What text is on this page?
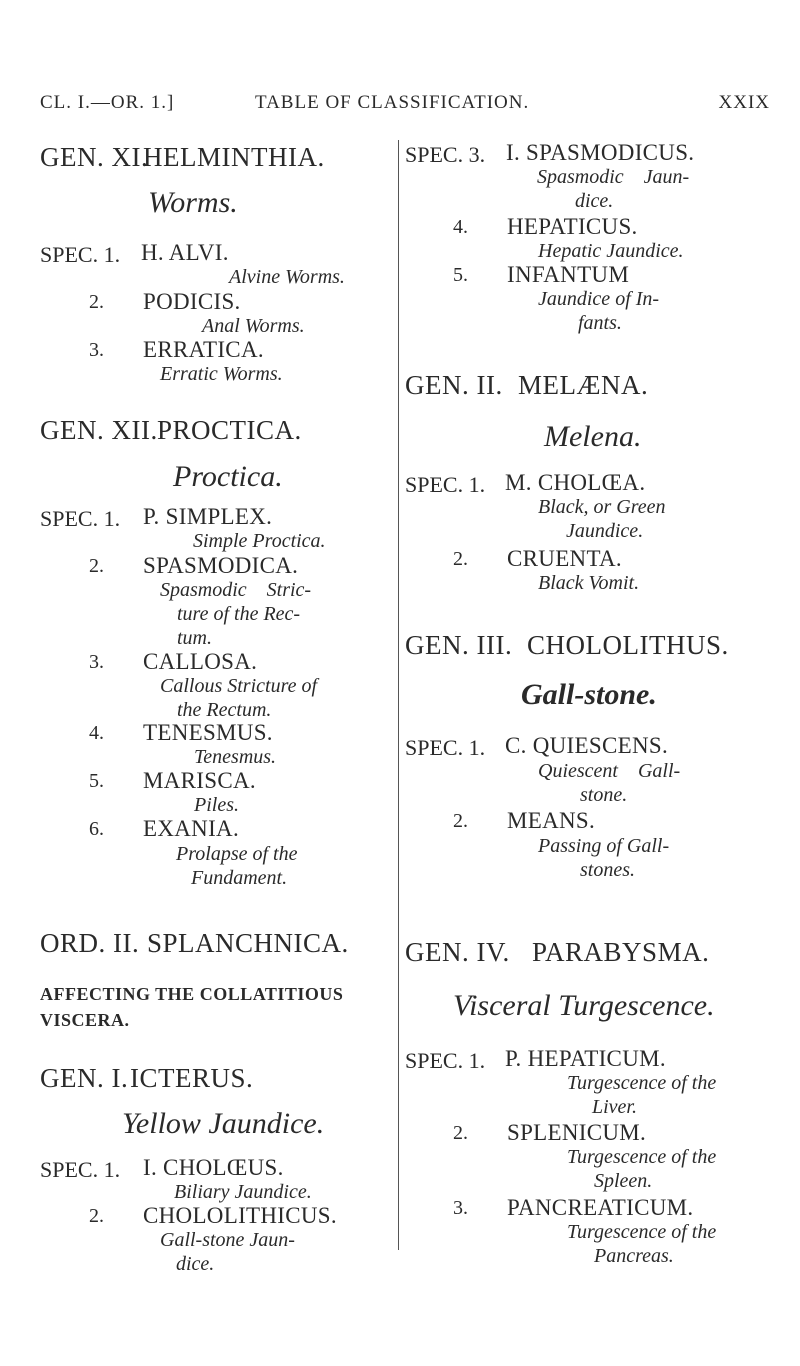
CL. I.—OR. 1.]	TABLE OF CLASSIFICATION.	XXIX
GEN. XI.
HELMINTHIA.
Worms.
SPEC. 1. H. ALVI.
Alvine Worms.
2. PODICIS.
Anal Worms.
3. ERRATICA.
Erratic Worms.
GEN. XII. PROCTICA.
Proctica.
SPEC. 1. P. SIMPLEX.
Simple Proctica.
2. SPASMODICA.
Spasmodic    Stric-
ture of the Rec-
tum.
3. CALLOSA.
Callous Stricture of
the Rectum.
4. TENESMUS.
Tenesmus.
5. MARISCA.
Piles.
6. EXANIA.
Prolapse of the
Fundament.
ORD. II. SPLANCHNICA.
AFFECTING THE COLLATITIOUS
VISCERA.
GEN. I. ICTERUS.
Yellow Jaundice.
SPEC. 1. I. CHOLŒUS.
Biliary Jaundice.
2. CHOLOLITHICUS.
Gall-stone Jaun-
dice.
SPEC. 3. I. SPASMODICUS.
Spasmodic    Jaun-
dice.
4. HEPATICUS.
Hepatic Jaundice.
5. INFANTUM
Jaundice of In-
fants.
GEN. II. MELÆNA.
Melena.
SPEC. 1. M. CHOLŒA.
Black, or Green
Jaundice.
2. CRUENTA.
Black Vomit.
GEN. III. CHOLOLITHUS.
Gall-stone.
SPEC. 1. C. QUIESCENS.
Quiescent    Gall-
stone.
2. MEANS.
Passing of Gall-
stones.
GEN. IV. PARABYSMA.
Visceral Turgescence.
SPEC. 1. P. HEPATICUM.
Turgescence of the
Liver.
2. SPLENICUM.
Turgescence of the
Spleen.
3. PANCREATICUM.
Turgescence of the
Pancreas.
